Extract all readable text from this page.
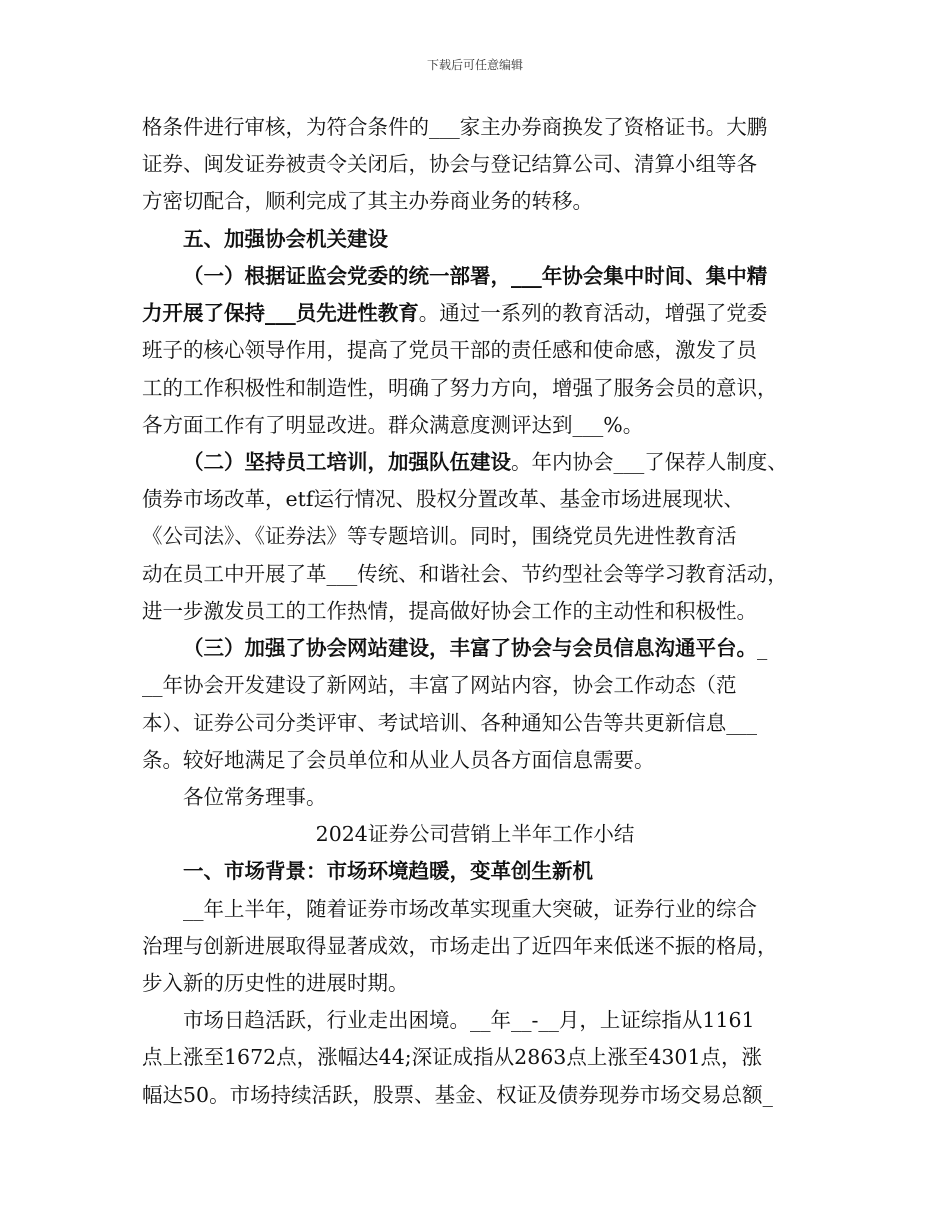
下载后可任意编辑
格条件进行审核，为符合条件的___家主办券商换发了资格证书。大鹏
证券、闽发证券被责令关闭后，协会与登记结算公司、清算小组等各
方密切配合，顺利完成了其主办券商业务的转移。
五、加强协会机关建设
（一）根据证监会党委的统一部署，___年协会集中时间、集中精
力开展了保持___员先进性教育。通过一系列的教育活动，增强了党委
班子的核心领导作用，提高了党员干部的责任感和使命感，激发了员
工的工作积极性和制造性，明确了努力方向，增强了服务会员的意识，
各方面工作有了明显改进。群众满意度测评达到___%。
（二）坚持员工培训，加强队伍建设。年内协会___了保荐人制度、
债券市场改革，etf运行情况、股权分置改革、基金市场进展现状、
《公司法》、《证券法》等专题培训。同时，围绕党员先进性教育活
动在员工中开展了革___传统、和谐社会、节约型社会等学习教育活动，
进一步激发员工的工作热情，提高做好协会工作的主动性和积极性。
（三）加强了协会网站建设，丰富了协会与会员信息沟通平台。_
__年协会开发建设了新网站，丰富了网站内容，协会工作动态（范
本）、证券公司分类评审、考试培训、各种通知公告等共更新信息___
条。较好地满足了会员单位和从业人员各方面信息需要。
各位常务理事。
2024证券公司营销上半年工作小结
一、市场背景：市场环境趋暖，变革创生新机
__年上半年，随着证券市场改革实现重大突破，证券行业的综合
治理与创新进展取得显著成效，市场走出了近四年来低迷不振的格局，
步入新的历史性的进展时期。
市场日趋活跃，行业走出困境。__年__-__月，上证综指从1161
点上涨至1672点，涨幅达44;深证成指从2863点上涨至4301点，涨
幅达50。市场持续活跃，股票、基金、权证及债券现券市场交易总额_
